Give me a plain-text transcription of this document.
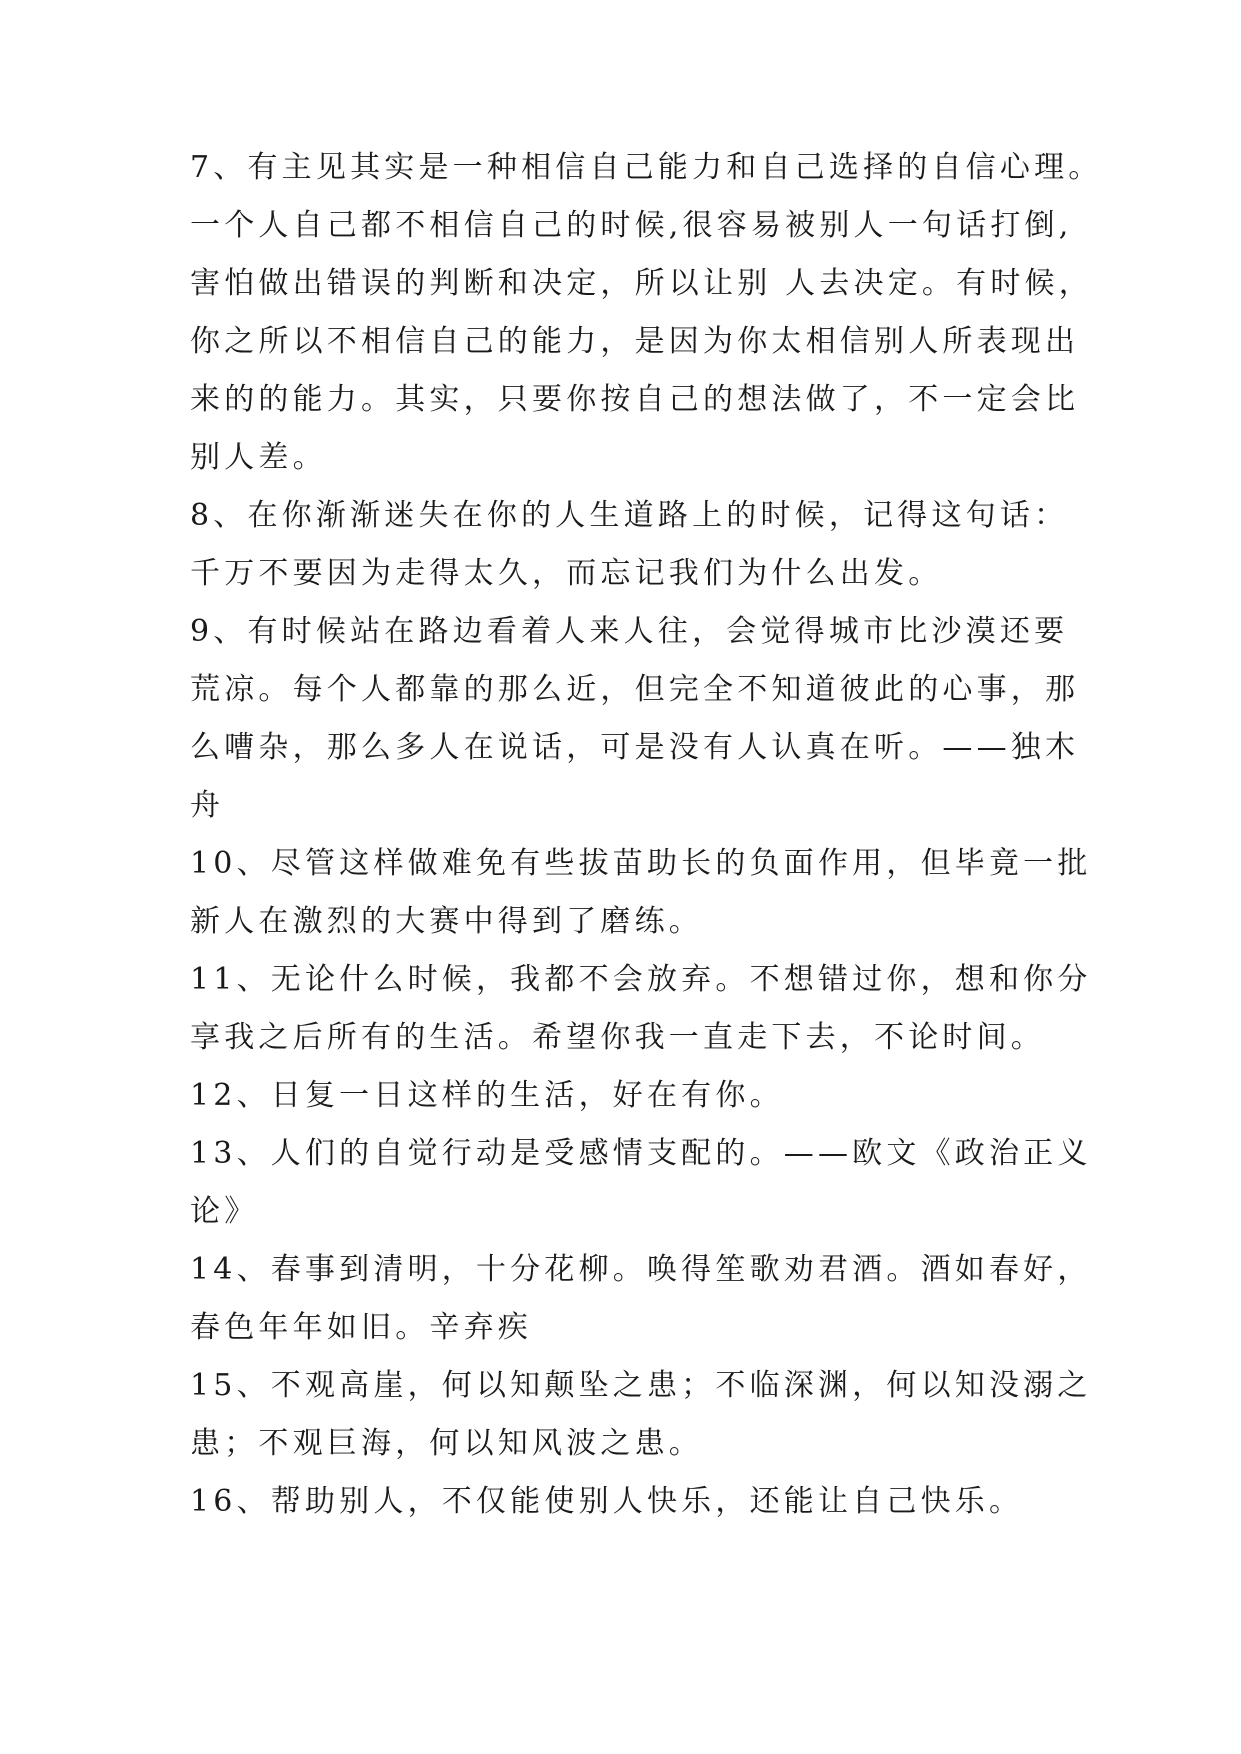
7、有主见其实是一种相信自己能力和自己选择的自信心理。
一个人自己都不相信自己的时候,很容易被别人一句话打倒,
害怕做出错误的判断和决定，所以让别 人去决定。有时候，
你之所以不相信自己的能力，是因为你太相信别人所表现出
来的的能力。其实，只要你按自己的想法做了，不一定会比
别人差。
8、在你渐渐迷失在你的人生道路上的时候，记得这句话：
千万不要因为走得太久，而忘记我们为什么出发。
9、有时候站在路边看着人来人往，会觉得城市比沙漠还要
荒凉。每个人都靠的那么近，但完全不知道彼此的心事，那
么嘈杂，那么多人在说话，可是没有人认真在听。——独木
舟
10、尽管这样做难免有些拔苗助长的负面作用，但毕竟一批
新人在激烈的大赛中得到了磨练。
11、无论什么时候，我都不会放弃。不想错过你，想和你分
享我之后所有的生活。希望你我一直走下去，不论时间。
12、日复一日这样的生活，好在有你。
13、人们的自觉行动是受感情支配的。——欧文《政治正义
论》
14、春事到清明，十分花柳。唤得笙歌劝君酒。酒如春好，
春色年年如旧。辛弃疾
15、不观高崖，何以知颠坠之患；不临深渊，何以知没溺之
患；不观巨海，何以知风波之患。
16、帮助别人，不仅能使别人快乐，还能让自己快乐。
